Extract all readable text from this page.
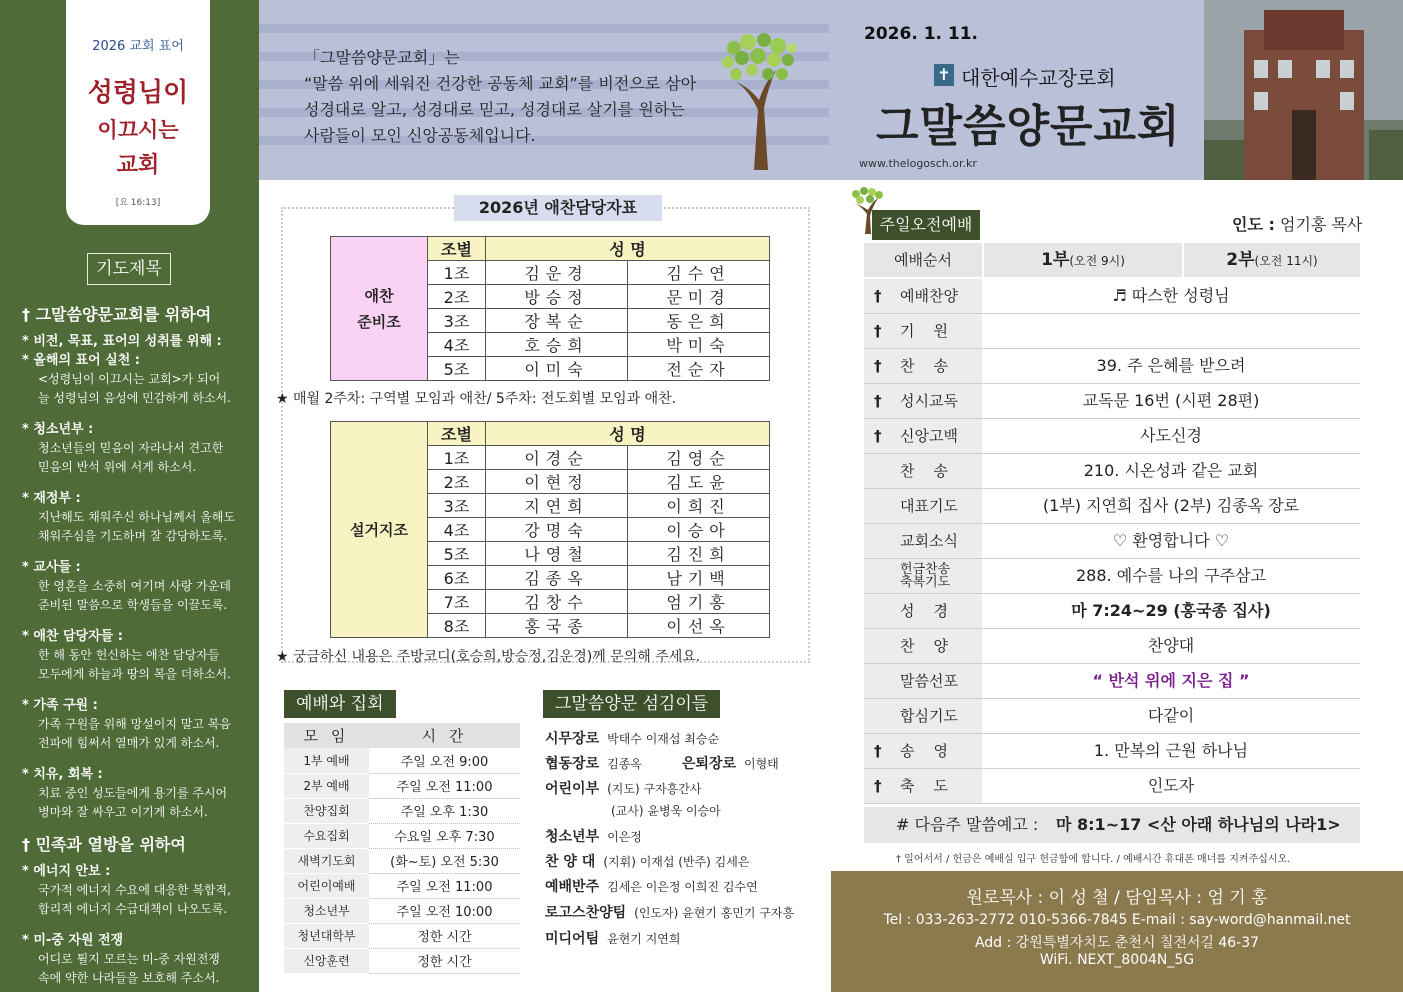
2026 교회 표어
성령님이
이끄시는
교회
[요 16:13]
기도제목
† 그말씀양문교회를 위하여
* 비전, 목표, 표어의 성취를 위해 :
* 올해의 표어 실천 :
<성령님이 이끄시는 교회>가 되어
늘 성령님의 음성에 민감하게 하소서.
* 청소년부 :
청소년들의 믿음이 자라나서 견고한
믿음의 반석 위에 서게 하소서.
* 재정부 :
지난해도 채워주신 하나님께서 올해도
채워주심을 기도하며 잘 감당하도록.
* 교사들 :
한 영혼을 소중히 여기며 사랑 가운데
준비된 말씀으로 학생들을 이끌도록.
* 애찬 담당자들 :
한 해 동안 헌신하는 애찬 담당자들
모두에게 하늘과 땅의 복을 더하소서.
* 가족 구원 :
가족 구원을 위해 망설이지 말고 복음
전파에 힘써서 열매가 있게 하소서.
* 치유, 회복 :
치료 중인 성도들에게 용기를 주시어
병마와 잘 싸우고 이기게 하소서.
† 민족과 열방을 위하여
* 에너지 안보 :
국가적 에너지 수요에 대응한 복합적,
합리적 에너지 수급대책이 나오도록.
* 미-중 자원 전쟁
어디로 튈지 모르는 미-중 자원전쟁
속에 약한 나라들을 보호해 주소서.
「그말씀양문교회」는
“말씀 위에 세워진 건강한 공동체 교회”를 비전으로 삼아
성경대로 알고, 성경대로 믿고, 성경대로 살기를 원하는
사람들이 모인 신앙공동체입니다.
2026. 1. 11.
✝ 대한예수교장로회
그말씀양문교회
www.thelogosch.or.kr
2026년 애찬담당자표
애찬
준비조	조별	성 명	
	1조	김운경	김수연
	2조	방승정	문미경
	3조	장복순	동은희
	4조	호승희	박미숙
	5조	이미숙	전순자
★ 매월 2주차: 구역별 모임과 애찬/ 5주차: 전도회별 모임과 애찬.
설거지조	조별	성 명	
	1조	이경순	김영순
	2조	이현정	김도윤
	3조	지연희	이희진
	4조	강명숙	이승아
	5조	나영철	김진희
	6조	김종옥	남기백
	7조	김창수	엄기홍
	8조	홍국종	이선옥
★ 궁금하신 내용은 주방코디(호승희,방승정,김운경)께 문의해 주세요.
예배와 집회
모 임	시 간
1부 예배	주일 오전 9:00
2부 예배	주일 오전 11:00
찬양집회	주일 오후 1:30
수요집회	수요일 오후 7:30
새벽기도회	(화~토) 오전 5:30
어린이예배	주일 오전 11:00
청소년부	주일 오전 10:00
청년대학부	정한 시간
신앙훈련	정한 시간
그말씀양문 섬김이들
시무장로 박태수 이재섭 최승순
협동장로 김종옥	은퇴장로 이형태
어린이부 (지도) 구자흥간사
(교사) 윤병욱 이승아
청소년부 이은정
찬 양 대 (지휘) 이재섭 (반주) 김세은
예배반주 김세은 이은정 이희진 김수연
로고스찬양팀 (인도자) 윤현기 홍민기 구자흥
미디어팀 윤현기 지연희
주일오전예배	인도 : 엄기홍 목사
예배순서	1부(오전 9시)	2부(오전 11시)
† 예배찬양	♬ 따스한 성령님
† 기    원
† 찬    송	39. 주 은혜를 받으려
† 성시교독	교독문 16번 (시편 28편)
† 신앙고백	사도신경
찬    송	210. 시온성과 같은 교회
대표기도	(1부) 지연희 집사 (2부) 김종옥 장로
교회소식	♡ 환영합니다 ♡
헌금찬송
축복기도	288. 예수를 나의 구주삼고
성    경	마 7:24~29 (홍국종 집사)
찬    양	찬양대
말씀선포	“ 반석 위에 지은 집 ”
합심기도	다같이
† 송    영	1. 만복의 근원 하나님
† 축    도	인도자
# 다음주 말씀예고 : 마 8:1~17 <산 아래 하나님의 나라1>
† 일어서서 / 헌금은 예배실 입구 헌금함에 합니다. / 예배시간 휴대폰 매너를 지켜주십시오.
원로목사 : 이 성 철 / 담임목사 : 엄 기 홍
Tel : 033-263-2772 010-5366-7845 E-mail : say-word@hanmail.net
Add : 강원특별자치도 춘천시 칠전서길 46-37
WiFi. NEXT_8004N_5G
